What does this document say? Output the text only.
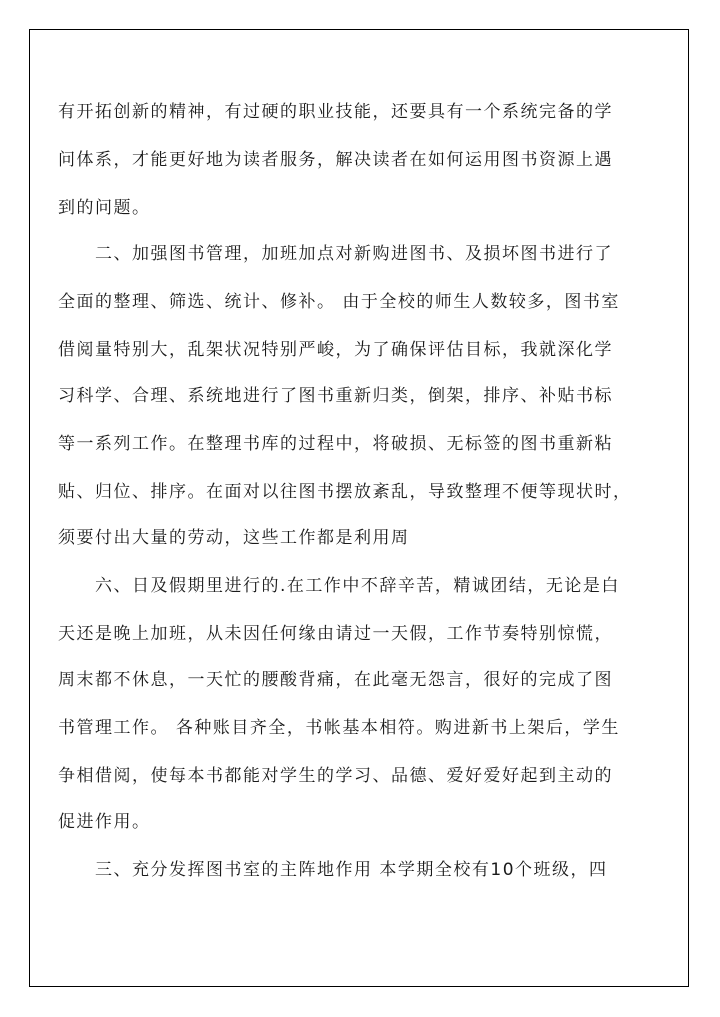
有开拓创新的精神，有过硬的职业技能，还要具有一个系统完备的学

问体系，才能更好地为读者服务，解决读者在如何运用图书资源上遇

到的问题。

二、加强图书管理，加班加点对新购进图书、及损坏图书进行了

全面的整理、筛选、统计、修补。 由于全校的师生人数较多，图书室

借阅量特别大，乱架状况特别严峻，为了确保评估目标，我就深化学

习科学、合理、系统地进行了图书重新归类，倒架，排序、补贴书标

等一系列工作。在整理书库的过程中，将破损、无标签的图书重新粘

贴、归位、排序。在面对以往图书摆放紊乱，导致整理不便等现状时，

须要付出大量的劳动，这些工作都是利用周

六、日及假期里进行的.在工作中不辞辛苦，精诚团结，无论是白

天还是晚上加班，从未因任何缘由请过一天假，工作节奏特别惊慌，

周末都不休息，一天忙的腰酸背痛，在此毫无怨言，很好的完成了图

书管理工作。 各种账目齐全，书帐基本相符。购进新书上架后，学生

争相借阅，使每本书都能对学生的学习、品德、爱好爱好起到主动的

促进作用。

三、充分发挥图书室的主阵地作用 本学期全校有10个班级，四
